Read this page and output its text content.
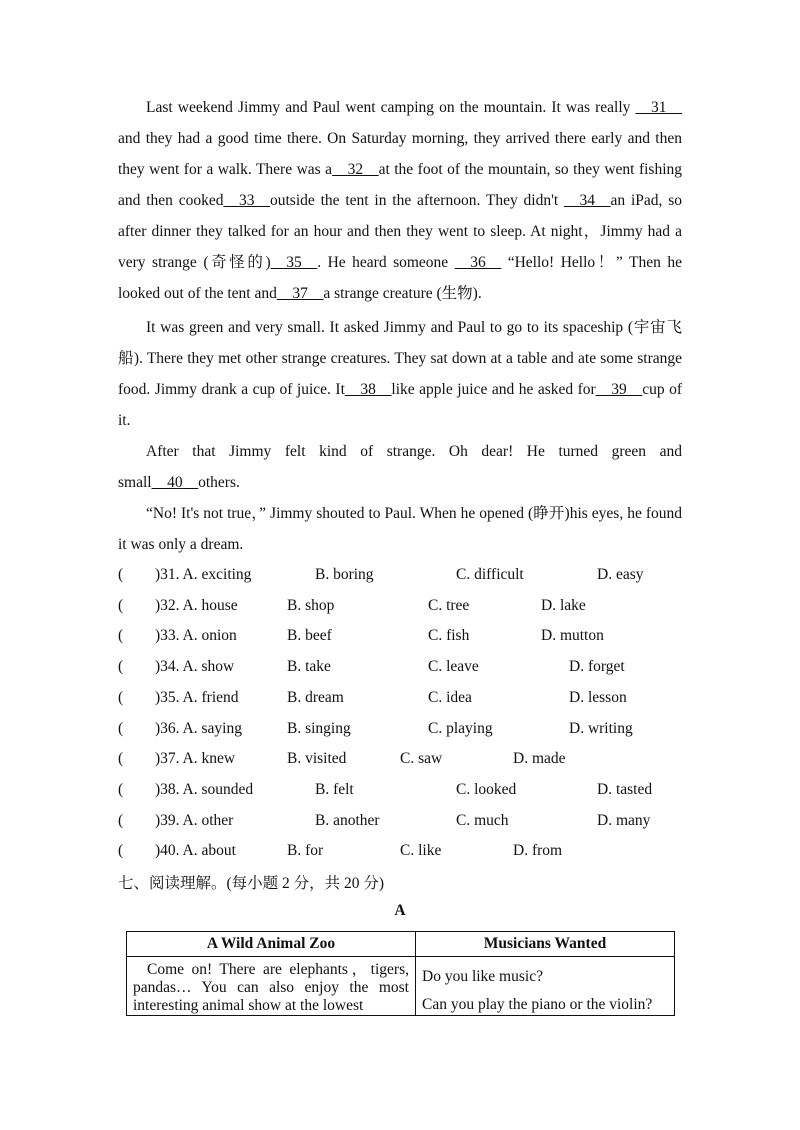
Last weekend Jimmy and Paul went camping on the mountain. It was really __31__ and they had a good time there. On Saturday morning, they arrived there early and then they went for a walk. There was a__32__at the foot of the mountain, so they went fishing and then cooked__33__outside the tent in the afternoon. They didn't __34__an iPad, so after dinner they talked for an hour and then they went to sleep. At night，Jimmy had a very strange (奇怪的)__35__. He heard someone __36__ “Hello! Hello！” Then he looked out of the tent and__37__a strange creature (生物).

It was green and very small. It asked Jimmy and Paul to go to its spaceship (宇宙飞船). There they met other strange creatures. They sat down at a table and ate some strange food. Jimmy drank a cup of juice. It__38__like apple juice and he asked for__39__cup of it.

After that Jimmy felt kind of strange. Oh dear! He turned green and small__40__others.

“No! It's not true，” Jimmy shouted to Paul. When he opened (睁开)his eyes, he found it was only a dream.

( )31. A. exciting	B. boring	C. difficult	D. easy
( )32. A. house	B. shop	C. tree	D. lake
( )33. A. onion	B. beef	C. fish	D. mutton
( )34. A. show	B. take	C. leave	D. forget
( )35. A. friend	B. dream	C. idea	D. lesson
( )36. A. saying	B. singing	C. playing	D. writing
( )37. A. knew	B. visited	C. saw	D. made
( )38. A. sounded	B. felt	C. looked	D. tasted
( )39. A. other	B. another	C. much	D. many
( )40. A. about	B. for	C. like	D. from
七、阅读理解。(每小题 2 分，共 20 分)
A
A Wild Animal Zoo	Musicians Wanted

Come on! There are elephants，tigers, pandas… You can also enjoy the most interesting animal show at the lowest	Do you like music?
Can you play the piano or the violin?
